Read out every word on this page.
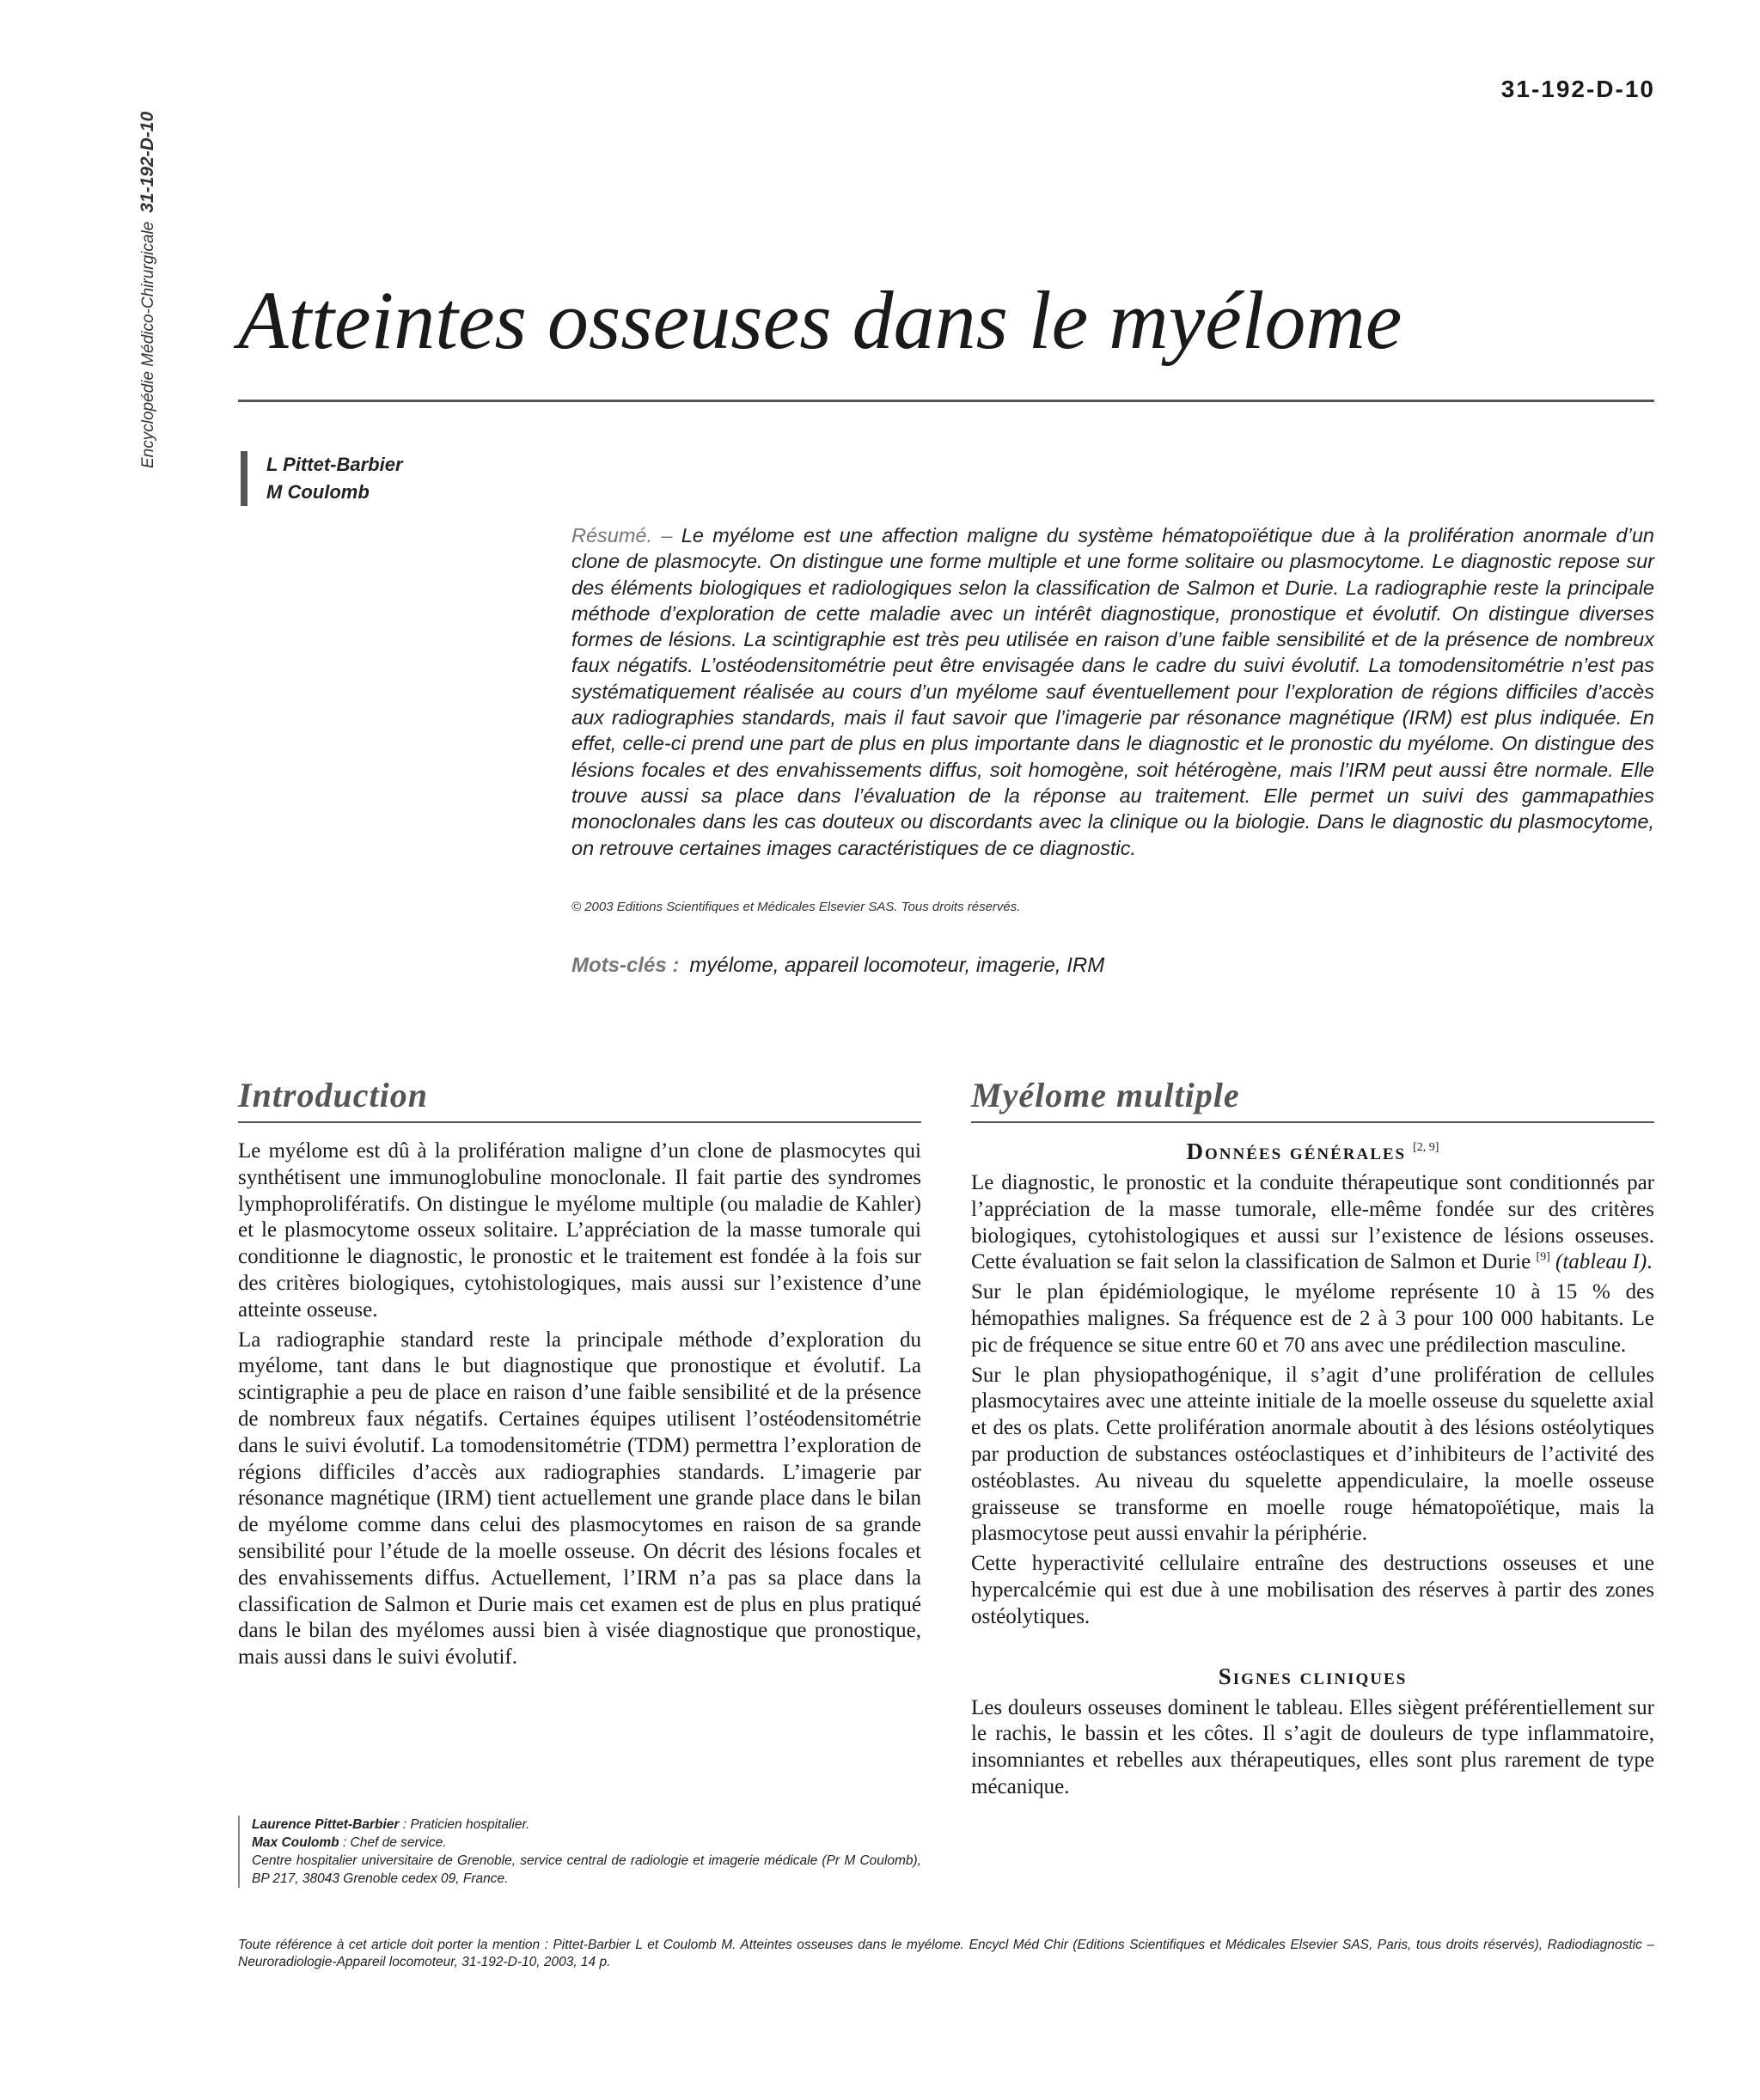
Encyclopédie Médico-Chirurgicale31-192-D-10
31-192-D-10
Atteintes osseuses dans le myélome
L Pittet-Barbier
M Coulomb
Résumé. – Le myélome est une affection maligne du système hématopoïétique due à la prolifération anormale d’un clone de plasmocyte. On distingue une forme multiple et une forme solitaire ou plasmocytome. Le diagnostic repose sur des éléments biologiques et radiologiques selon la classification de Salmon et Durie. La radiographie reste la principale méthode d’exploration de cette maladie avec un intérêt diagnostique, pronostique et évolutif. On distingue diverses formes de lésions. La scintigraphie est très peu utilisée en raison d’une faible sensibilité et de la présence de nombreux faux négatifs. L’ostéodensitométrie peut être envisagée dans le cadre du suivi évolutif. La tomodensitométrie n’est pas systématiquement réalisée au cours d’un myélome sauf éventuellement pour l’exploration de régions difficiles d’accès aux radiographies standards, mais il faut savoir que l’imagerie par résonance magnétique (IRM) est plus indiquée. En effet, celle-ci prend une part de plus en plus importante dans le diagnostic et le pronostic du myélome. On distingue des lésions focales et des envahissements diffus, soit homogène, soit hétérogène, mais l’IRM peut aussi être normale. Elle trouve aussi sa place dans l’évaluation de la réponse au traitement. Elle permet un suivi des gammapathies monoclonales dans les cas douteux ou discordants avec la clinique ou la biologie. Dans le diagnostic du plasmocytome, on retrouve certaines images caractéristiques de ce diagnostic.
© 2003 Editions Scientifiques et Médicales Elsevier SAS. Tous droits réservés.
Mots-clés : myélome, appareil locomoteur, imagerie, IRM
Introduction

Le myélome est dû à la prolifération maligne d’un clone de plasmocytes qui synthétisent une immunoglobuline monoclonale. Il fait partie des syndromes lymphoprolifératifs. On distingue le myélome multiple (ou maladie de Kahler) et le plasmocytome osseux solitaire. L’appréciation de la masse tumorale qui conditionne le diagnostic, le pronostic et le traitement est fondée à la fois sur des critères biologiques, cytohistologiques, mais aussi sur l’existence d’une atteinte osseuse.

La radiographie standard reste la principale méthode d’exploration du myélome, tant dans le but diagnostique que pronostique et évolutif. La scintigraphie a peu de place en raison d’une faible sensibilité et de la présence de nombreux faux négatifs. Certaines équipes utilisent l’ostéodensitométrie dans le suivi évolutif. La tomodensitométrie (TDM) permettra l’exploration de régions difficiles d’accès aux radiographies standards. L’imagerie par résonance magnétique (IRM) tient actuellement une grande place dans le bilan de myélome comme dans celui des plasmocytomes en raison de sa grande sensibilité pour l’étude de la moelle osseuse. On décrit des lésions focales et des envahissements diffus. Actuellement, l’IRM n’a pas sa place dans la classification de Salmon et Durie mais cet examen est de plus en plus pratiqué dans le bilan des myélomes aussi bien à visée diagnostique que pronostique, mais aussi dans le suivi évolutif.

Myélome multiple
Données générales [2, 9]

Le diagnostic, le pronostic et la conduite thérapeutique sont conditionnés par l’appréciation de la masse tumorale, elle-même fondée sur des critères biologiques, cytohistologiques et aussi sur l’existence de lésions osseuses. Cette évaluation se fait selon la classification de Salmon et Durie [9] (tableau I).

Sur le plan épidémiologique, le myélome représente 10 à 15 % des hémopathies malignes. Sa fréquence est de 2 à 3 pour 100 000 habitants. Le pic de fréquence se situe entre 60 et 70 ans avec une prédilection masculine.

Sur le plan physiopathogénique, il s’agit d’une prolifération de cellules plasmocytaires avec une atteinte initiale de la moelle osseuse du squelette axial et des os plats. Cette prolifération anormale aboutit à des lésions ostéolytiques par production de substances ostéoclastiques et d’inhibiteurs de l’activité des ostéoblastes. Au niveau du squelette appendiculaire, la moelle osseuse graisseuse se transforme en moelle rouge hématopoïétique, mais la plasmocytose peut aussi envahir la périphérie.

Cette hyperactivité cellulaire entraîne des destructions osseuses et une hypercalcémie qui est due à une mobilisation des réserves à partir des zones ostéolytiques.

Signes cliniques

Les douleurs osseuses dominent le tableau. Elles siègent préférentiellement sur le rachis, le bassin et les côtes. Il s’agit de douleurs de type inflammatoire, insomniantes et rebelles aux thérapeutiques, elles sont plus rarement de type mécanique.

Laurence Pittet-Barbier : Praticien hospitalier.
Max Coulomb : Chef de service.
Centre hospitalier universitaire de Grenoble, service central de radiologie et imagerie médicale (Pr M Coulomb), BP 217, 38043 Grenoble cedex 09, France.
Toute référence à cet article doit porter la mention : Pittet-Barbier L et Coulomb M. Atteintes osseuses dans le myélome. Encycl Méd Chir (Editions Scientifiques et Médicales Elsevier SAS, Paris, tous droits réservés), Radiodiagnostic – Neuroradiologie-Appareil locomoteur, 31-192-D-10, 2003, 14 p.
